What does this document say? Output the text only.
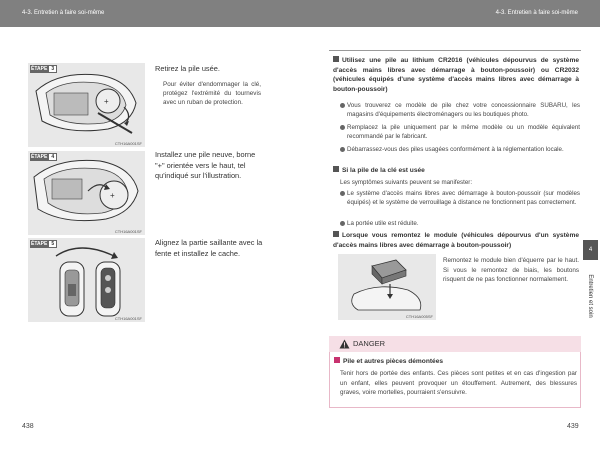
4-3. Entretien à faire soi-même	4-3. Entretien à faire soi-même
+
ÉTAPE 3
CTH16A001SF
Retirez la pile usée.
Pour éviter d'endommager la clé, protégez l'extrémité du tournevis avec un ruban de protection.
+
ÉTAPE 4
CTH16A001SF
Installez une pile neuve, borne "+" orientée vers le haut, tel qu'indiqué sur l'illustration.
ÉTAPE 5
CTH16A001SF
Alignez la partie saillante avec la fente et installez le cache.
438
Utilisez une pile au lithium CR2016 (véhicules dépourvus de système d'accès mains libres avec démarrage à bouton-poussoir) ou CR2032 (véhicules équipés d'une système d'accès mains libres avec démarrage à bouton-poussoir)
Vous trouverez ce modèle de pile chez votre concessionnaire SUBARU, les magasins d'équipements électroménagers ou les boutiques photo.
Remplacez la pile uniquement par le même modèle ou un modèle équivalent recommandé par le fabricant.
Débarrassez-vous des piles usagées conformément à la réglementation locale.
Si la pile de la clé est usée
Les symptômes suivants peuvent se manifester:
Le système d'accès mains libres avec démarrage à bouton-poussoir (sur modèles équipés) et le système de verrouillage à distance ne fonctionnent pas correctement.
La portée utile est réduite.
Lorsque vous remontez le module (véhicules dépourvus d'un système d'accès mains libres avec démarrage à bouton-poussoir)
CTH16A005SF
Remontez le module bien d'équerre par le haut. Si vous le remontez de biais, les boutons risquent de ne pas fonctionner normalement.
4
Entretien et soin
DANGER
Pile et autres pièces démontées
Tenir hors de portée des enfants. Ces pièces sont petites et en cas d'ingestion par un enfant, elles peuvent provoquer un étouffement. Autrement, des blessures graves, voire mortelles, pourraient s'ensuivre.
439
